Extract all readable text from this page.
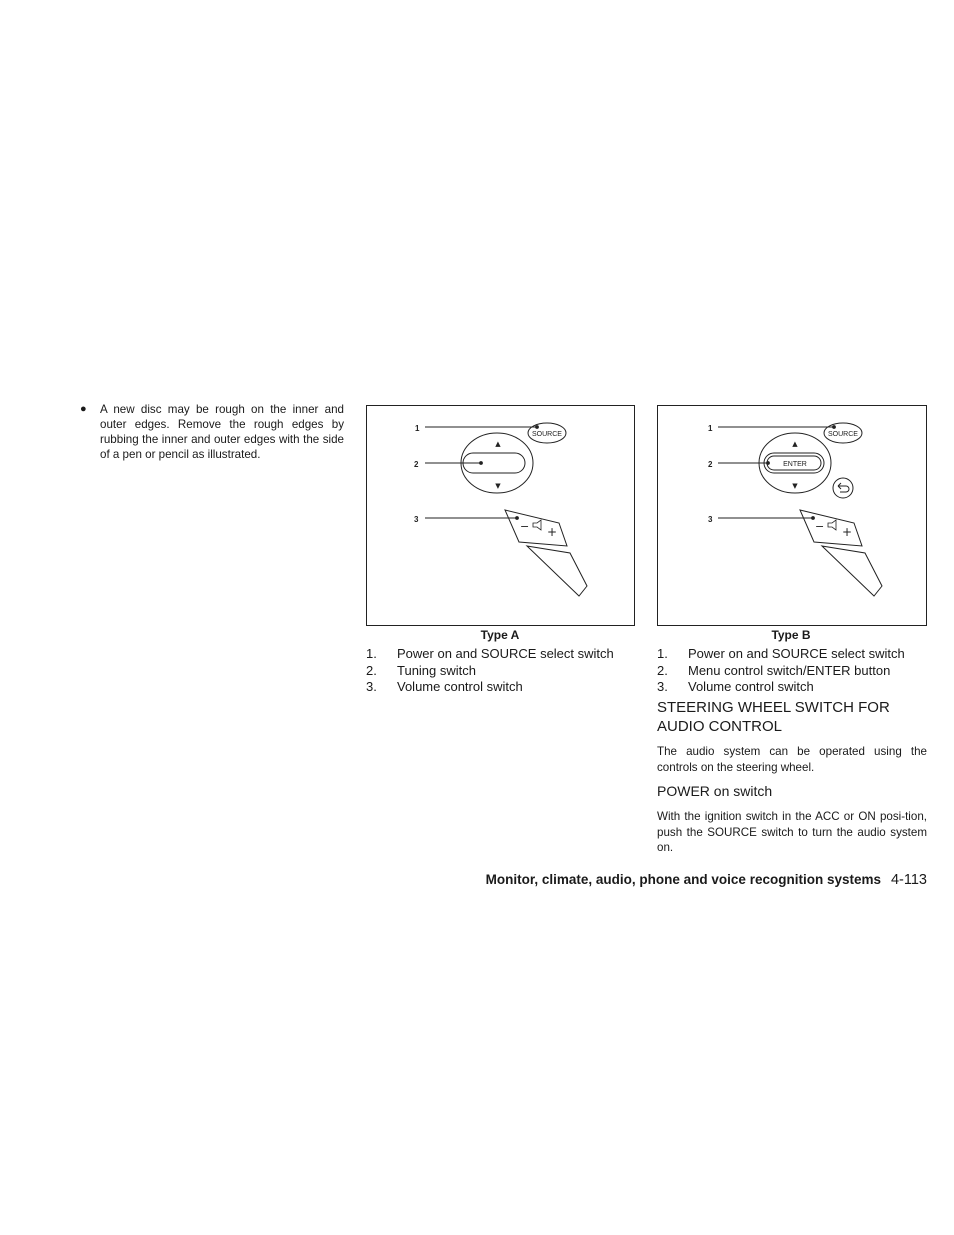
● A new disc may be rough on the inner and outer edges. Remove the rough edges by rubbing the inner and outer edges with the side of a pen or pencil as illustrated.
1
2
3
SOURCE
▲
▼
− +
Type A
1. Power on and SOURCE select switch
2. Tuning switch
3. Volume control switch
1
2
3
SOURCE
ENTER
▲
▼
− +
Type B
1. Power on and SOURCE select switch
2. Menu control switch/ENTER button
3. Volume control switch
STEERING WHEEL SWITCH FOR AUDIO CONTROL
The audio system can be operated using the controls on the steering wheel.
POWER on switch
With the ignition switch in the ACC or ON posi-tion, push the SOURCE switch to turn the audio system on.
Monitor, climate, audio, phone and voice recognition systems 4-113
